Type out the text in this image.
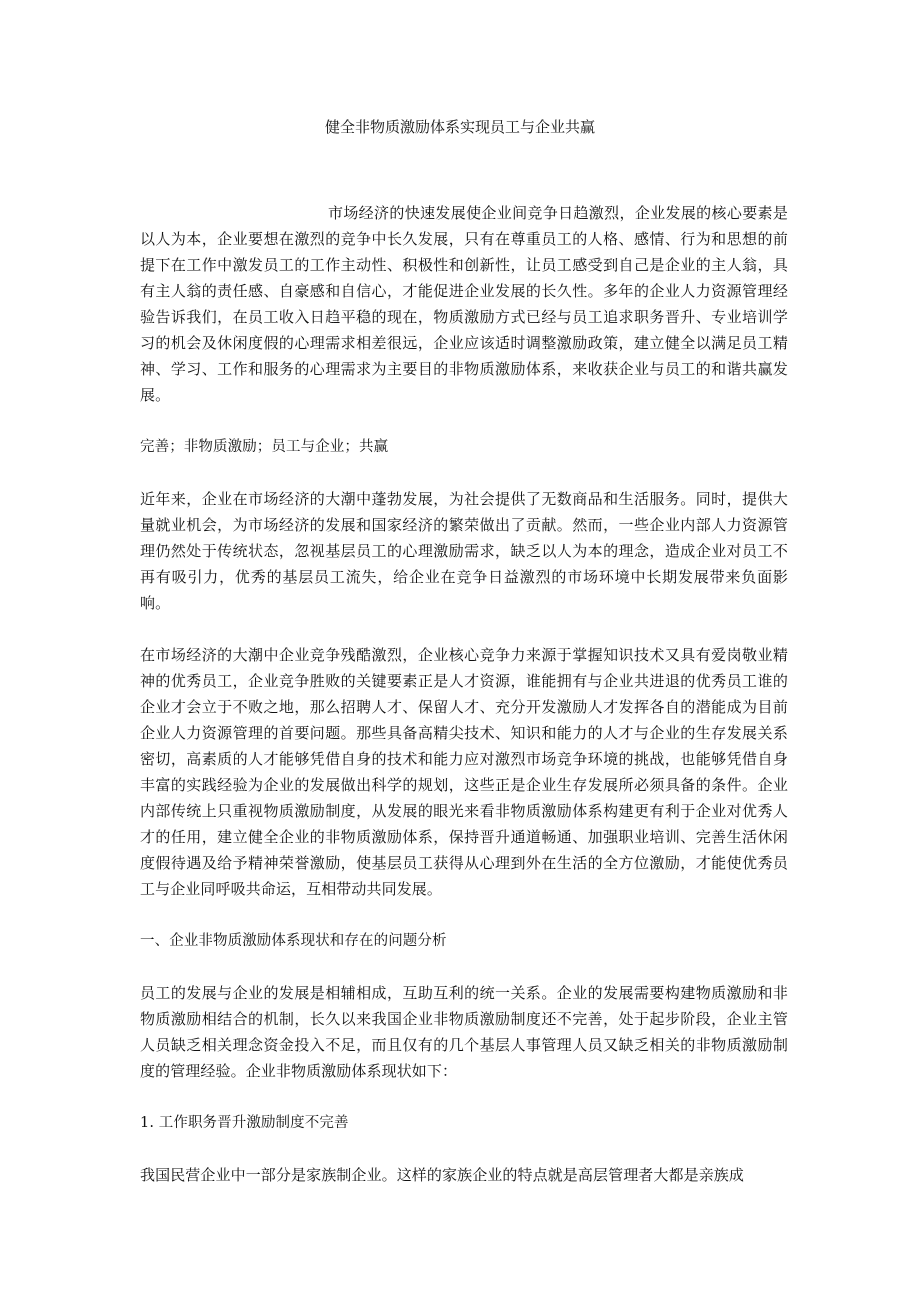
健全非物质激励体系实现员工与企业共赢

市场经济的快速发展使企业间竞争日趋激烈，企业发展的核心要素是以人为本，企业要想在激烈的竞争中长久发展，只有在尊重员工的人格、感情、行为和思想的前提下在工作中激发员工的工作主动性、积极性和创新性，让员工感受到自己是企业的主人翁，具有主人翁的责任感、自豪感和自信心，才能促进企业发展的长久性。多年的企业人力资源管理经验告诉我们，在员工收入日趋平稳的现在，物质激励方式已经与员工追求职务晋升、专业培训学习的机会及休闲度假的心理需求相差很远，企业应该适时调整激励政策，建立健全以满足员工精神、学习、工作和服务的心理需求为主要目的非物质激励体系，来收获企业与员工的和谐共赢发展。

完善；非物质激励；员工与企业；共赢

近年来，企业在市场经济的大潮中蓬勃发展，为社会提供了无数商品和生活服务。同时，提供大量就业机会，为市场经济的发展和国家经济的繁荣做出了贡献。然而，一些企业内部人力资源管理仍然处于传统状态，忽视基层员工的心理激励需求，缺乏以人为本的理念，造成企业对员工不再有吸引力，优秀的基层员工流失，给企业在竞争日益激烈的市场环境中长期发展带来负面影响。

在市场经济的大潮中企业竞争残酷激烈，企业核心竞争力来源于掌握知识技术又具有爱岗敬业精神的优秀员工，企业竞争胜败的关键要素正是人才资源，谁能拥有与企业共进退的优秀员工谁的企业才会立于不败之地，那么招聘人才、保留人才、充分开发激励人才发挥各自的潜能成为目前企业人力资源管理的首要问题。那些具备高精尖技术、知识和能力的人才与企业的生存发展关系密切，高素质的人才能够凭借自身的技术和能力应对激烈市场竞争环境的挑战，也能够凭借自身丰富的实践经验为企业的发展做出科学的规划，这些正是企业生存发展所必须具备的条件。企业内部传统上只重视物质激励制度，从发展的眼光来看非物质激励体系构建更有利于企业对优秀人才的任用，建立健全企业的非物质激励体系，保持晋升通道畅通、加强职业培训、完善生活休闲度假待遇及给予精神荣誉激励，使基层员工获得从心理到外在生活的全方位激励，才能使优秀员工与企业同呼吸共命运，互相带动共同发展。

一、企业非物质激励体系现状和存在的问题分析

员工的发展与企业的发展是相辅相成，互助互利的统一关系。企业的发展需要构建物质激励和非物质激励相结合的机制，长久以来我国企业非物质激励制度还不完善，处于起步阶段，企业主管人员缺乏相关理念资金投入不足，而且仅有的几个基层人事管理人员又缺乏相关的非物质激励制度的管理经验。企业非物质激励体系现状如下：

1. 工作职务晋升激励制度不完善

我国民营企业中一部分是家族制企业。这样的家族企业的特点就是高层管理者大都是亲族成
